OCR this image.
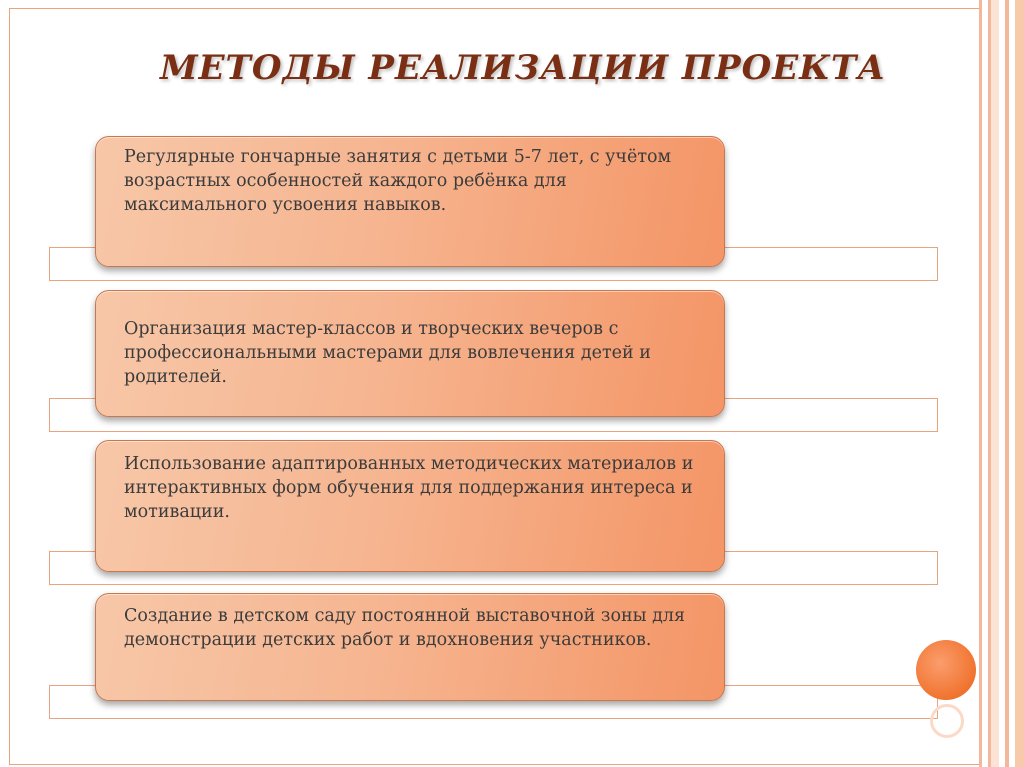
МЕТОДЫ РЕАЛИЗАЦИИ ПРОЕКТА
Регулярные гончарные занятия с детьми 5-7 лет, с учётом возрастных особенностей каждого ребёнка для максимального усвоения навыков.
Организация мастер-классов и творческих вечеров с профессиональными мастерами для вовлечения детей и родителей.
Использование адаптированных методических материалов и интерактивных форм обучения для поддержания интереса и мотивации.
Создание в детском саду постоянной выставочной зоны для демонстрации детских работ и вдохновения участников.
